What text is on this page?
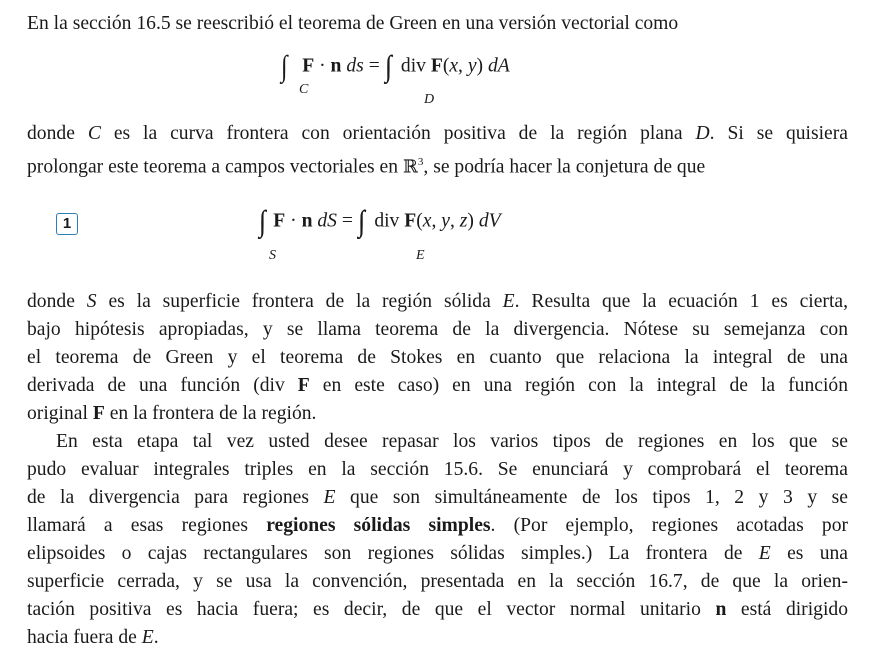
En la sección 16.5 se reescribió el teorema de Green en una versión vectorial como
∫ F · n ds = ∫∫ div F(x, y) dA
C
D
donde C es la curva frontera con orientación positiva de la región plana D. Si se quisiera
prolongar este teorema a campos vectoriales en ℝ$^3$, se podría hacer la conjetura de que
1	∫∫ F · n dS = ∫∫∫ div F(x, y, z) dV
S	E
donde S es la superficie frontera de la región sólida E. Resulta que la ecuación 1 es cierta,
bajo hipótesis apropiadas, y se llama teorema de la divergencia. Nótese su semejanza con
el teorema de Green y el teorema de Stokes en cuanto que relaciona la integral de una
derivada de una función (div F en este caso) en una región con la integral de la función
original F en la frontera de la región.
En esta etapa tal vez usted desee repasar los varios tipos de regiones en los que se
pudo evaluar integrales triples en la sección 15.6. Se enunciará y comprobará el teorema
de la divergencia para regiones E que son simultáneamente de los tipos 1, 2 y 3 y se
llamará a esas regiones regiones sólidas simples. (Por ejemplo, regiones acotadas por
elipsoides o cajas rectangulares son regiones sólidas simples.) La frontera de E es una
superficie cerrada, y se usa la convención, presentada en la sección 16.7, de que la orien-
tación positiva es hacia fuera; es decir, de que el vector normal unitario n está dirigido
hacia fuera de E.
